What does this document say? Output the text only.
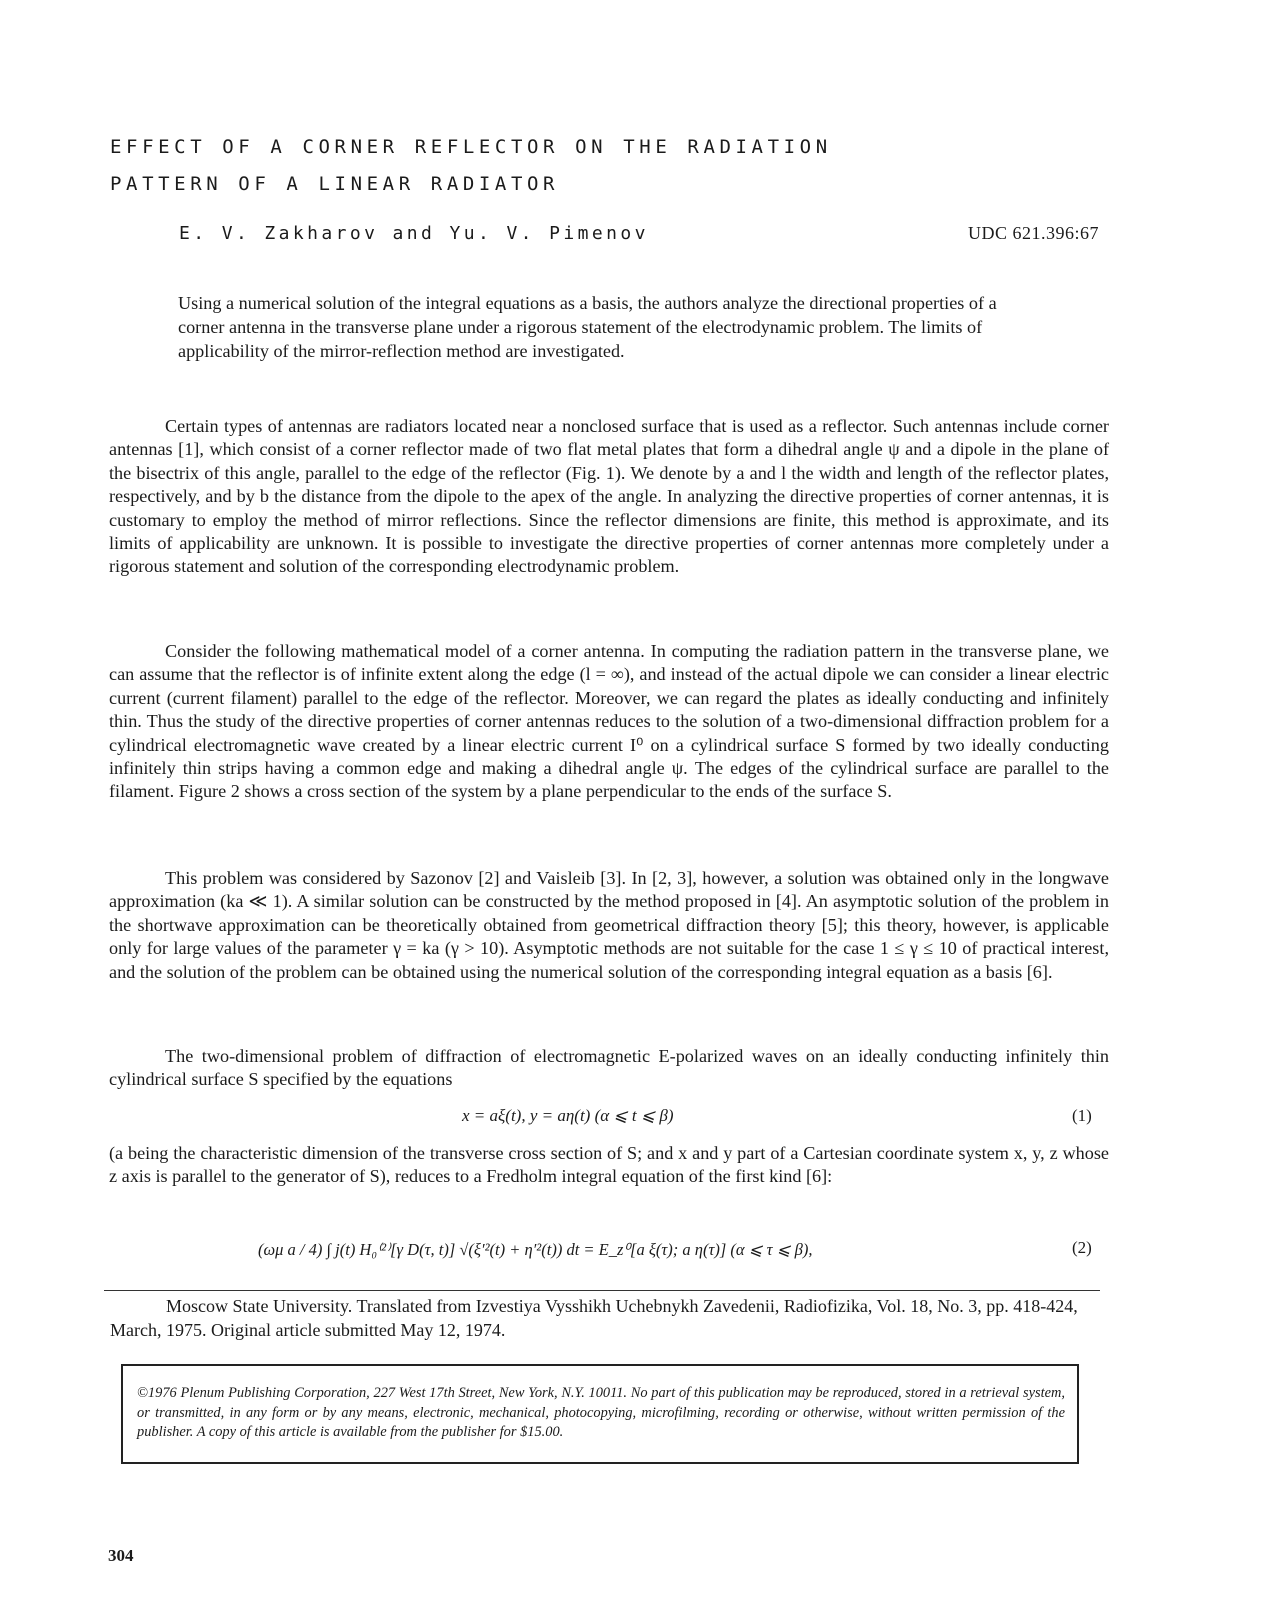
EFFECT OF A CORNER REFLECTOR ON THE RADIATION
PATTERN OF A LINEAR RADIATOR
E. V. Zakharov and Yu. V. Pimenov	UDC 621.396:67

Using a numerical solution of the integral equations as a basis, the authors analyze the directional properties of a corner antenna in the transverse plane under a rigorous statement of the electrodynamic problem. The limits of applicability of the mirror-reflection method are investigated.

Certain types of antennas are radiators located near a nonclosed surface that is used as a reflector. Such antennas include corner antennas [1], which consist of a corner reflector made of two flat metal plates that form a dihedral angle ψ and a dipole in the plane of the bisectrix of this angle, parallel to the edge of the reflector (Fig. 1). We denote by a and l the width and length of the reflector plates, respectively, and by b the distance from the dipole to the apex of the angle. In analyzing the directive properties of corner antennas, it is customary to employ the method of mirror reflections. Since the reflector dimensions are finite, this method is approximate, and its limits of applicability are unknown. It is possible to investigate the directive properties of corner antennas more completely under a rigorous statement and solution of the corresponding electrodynamic problem.

Consider the following mathematical model of a corner antenna. In computing the radiation pattern in the transverse plane, we can assume that the reflector is of infinite extent along the edge (l = ∞), and instead of the actual dipole we can consider a linear electric current (current filament) parallel to the edge of the reflector. Moreover, we can regard the plates as ideally conducting and infinitely thin. Thus the study of the directive properties of corner antennas reduces to the solution of a two-dimensional diffraction problem for a cylindrical electromagnetic wave created by a linear electric current I⁰ on a cylindrical surface S formed by two ideally conducting infinitely thin strips having a common edge and making a dihedral angle ψ. The edges of the cylindrical surface are parallel to the filament. Figure 2 shows a cross section of the system by a plane perpendicular to the ends of the surface S.

This problem was considered by Sazonov [2] and Vaisleib [3]. In [2, 3], however, a solution was obtained only in the longwave approximation (ka ≪ 1). A similar solution can be constructed by the method proposed in [4]. An asymptotic solution of the problem in the shortwave approximation can be theoretically obtained from geometrical diffraction theory [5]; this theory, however, is applicable only for large values of the parameter γ = ka (γ > 10). Asymptotic methods are not suitable for the case 1 ≤ γ ≤ 10 of practical interest, and the solution of the problem can be obtained using the numerical solution of the corresponding integral equation as a basis [6].

The two-dimensional problem of diffraction of electromagnetic E-polarized waves on an ideally conducting infinitely thin cylindrical surface S specified by the equations

x = aξ(t), y = aη(t) (α ⩽ t ⩽ β)	(1)

(a being the characteristic dimension of the transverse cross section of S; and x and y part of a Cartesian coordinate system x, y, z whose z axis is parallel to the generator of S), reduces to a Fredholm integral equation of the first kind [6]:

(ωμ a / 4) ∫ j(t) H₀⁽²⁾[γ D(τ, t)] √(ξ′²(t) + η′²(t)) dt = E_z⁰[a ξ(τ); a η(τ)] (α ⩽ τ ⩽ β),	(2)

Moscow State University. Translated from Izvestiya Vysshikh Uchebnykh Zavedenii, Radiofizika, Vol. 18, No. 3, pp. 418-424, March, 1975. Original article submitted May 12, 1974.

©1976 Plenum Publishing Corporation, 227 West 17th Street, New York, N.Y. 10011. No part of this publication may be reproduced, stored in a retrieval system, or transmitted, in any form or by any means, electronic, mechanical, photocopying, microfilming, recording or otherwise, without written permission of the publisher. A copy of this article is available from the publisher for $15.00.

304
